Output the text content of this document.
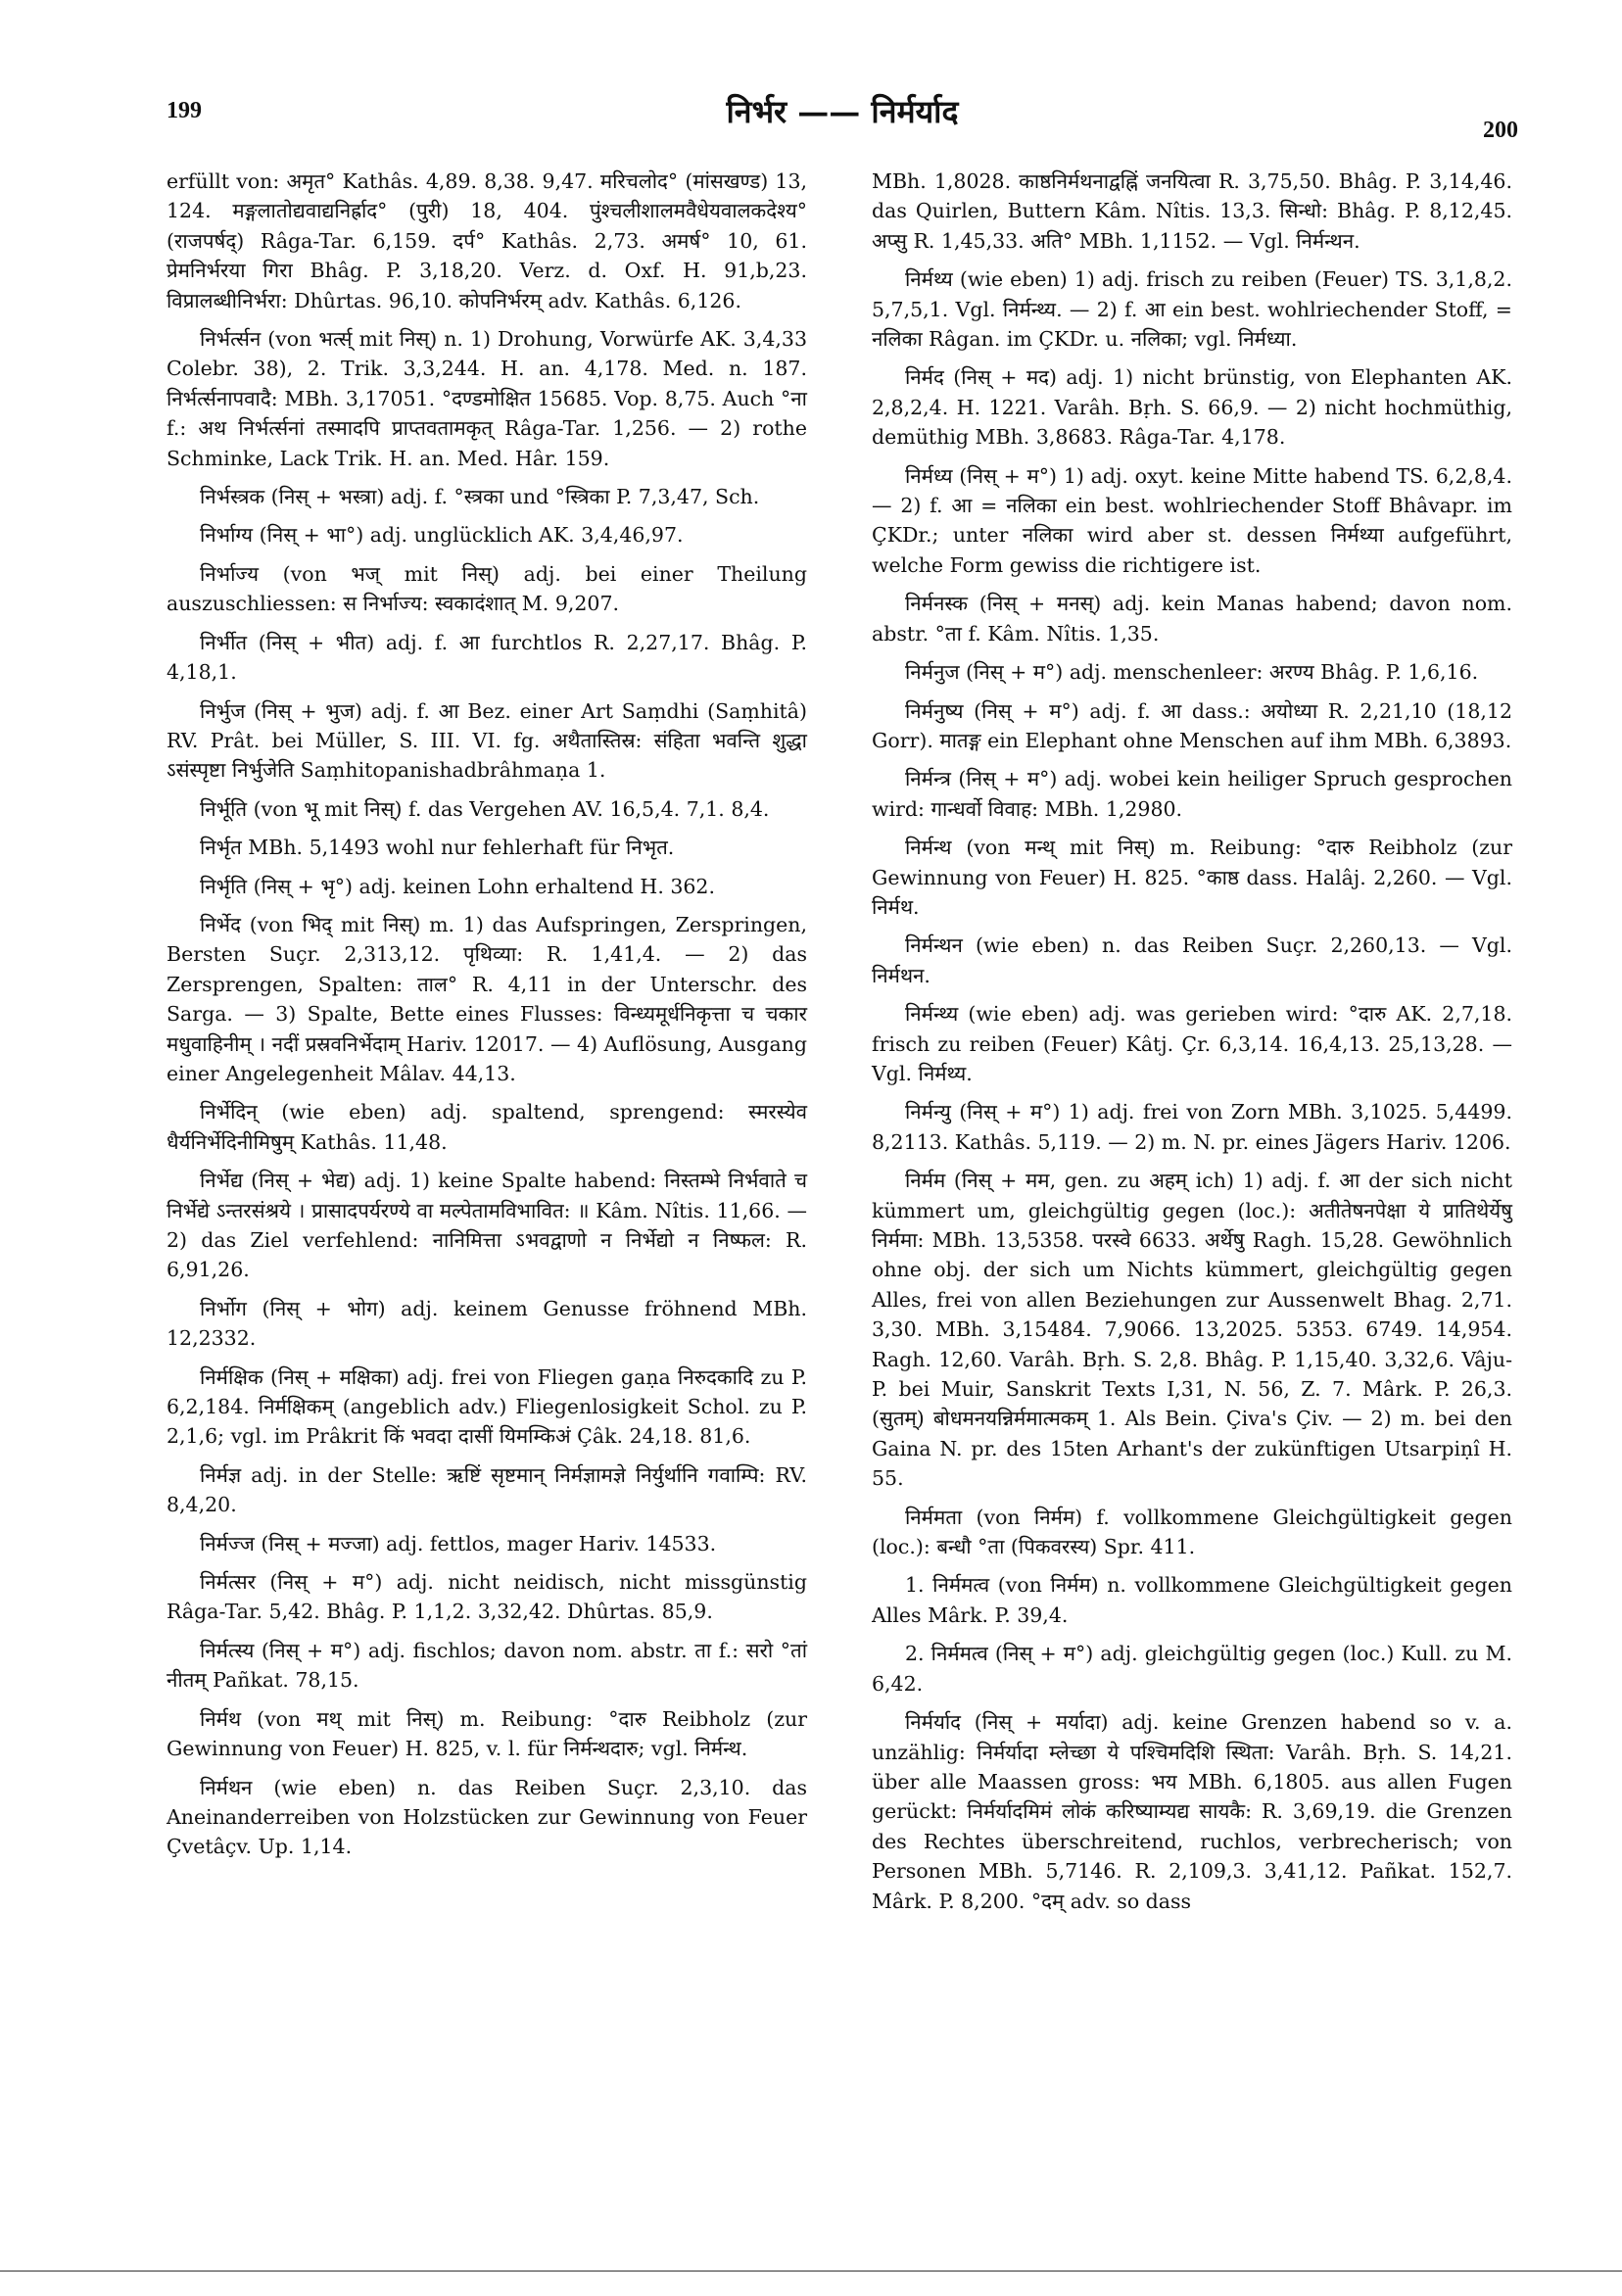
199	निर्भर —— निर्मर्याद	200

erfüllt von: अमृत° Kathâs. 4,89. 8,38. 9,47. मरिचलोद° (मांसखण्ड) 13, 124. मङ्गलातोद्यवाद्यनिर्ह्राद° (पुरी) 18, 404. पुंश्चलीशालमवैधेयवालकदेश्य° (राजपर्षद्) Râga-Tar. 6,159. दर्प° Kathâs. 2,73. अमर्ष° 10, 61. प्रेमनिर्भरया गिरा Bhâg. P. 3,18,20. Verz. d. Oxf. H. 91,b,23. विप्रालब्धीनिर्भरा: Dhûrtas. 96,10. कोपनिर्भरम् adv. Kathâs. 6,126.

निर्भर्त्सन (von भर्त्स् mit निस्) n. 1) Drohung, Vorwürfe AK. 3,4,33 Colebr. 38), 2. Trik. 3,3,244. H. an. 4,178. Med. n. 187. निर्भर्त्सनापवादै: MBh. 3,17051. °दण्डमोक्षित 15685. Vop. 8,75. Auch °ना f.: अथ निर्भर्त्सनां तस्मादपि प्राप्तवतामकृत् Râga-Tar. 1,256. — 2) rothe Schminke, Lack Trik. H. an. Med. Hâr. 159.

निर्भस्त्रक (निस् + भस्त्रा) adj. f. °स्त्रका und °स्त्रिका P. 7,3,47, Sch.

निर्भाग्य (निस् + भा°) adj. unglücklich AK. 3,4,46,97.

निर्भाज्य (von भज् mit निस्) adj. bei einer Theilung auszuschliessen: स निर्भाज्य: स्वकादंशात् M. 9,207.

निर्भीत (निस् + भीत) adj. f. आ furchtlos R. 2,27,17. Bhâg. P. 4,18,1.

निर्भुज (निस् + भुज) adj. f. आ Bez. einer Art Saṃdhi (Saṃhitâ) RV. Prât. bei Müller, S. III. VI. fg. अथैतास्तिस्र: संहिता भवन्ति शुद्धा ऽसंस्पृष्टा निर्भुजेति Saṃhitopanishadbrâhmaṇa 1.

निर्भूति (von भू mit निस्) f. das Vergehen AV. 16,5,4. 7,1. 8,4.

निर्भृत MBh. 5,1493 wohl nur fehlerhaft für निभृत.

निर्भृति (निस् + भृ°) adj. keinen Lohn erhaltend H. 362.

निर्भेद (von भिद् mit निस्) m. 1) das Aufspringen, Zerspringen, Bersten Suçr. 2,313,12. पृथिव्या: R. 1,41,4. — 2) das Zersprengen, Spalten: ताल° R. 4,11 in der Unterschr. des Sarga. — 3) Spalte, Bette eines Flusses: विन्ध्यमूर्धनिकृत्ता च चकार मधुवाहिनीम् । नदीं प्रस्रवनिर्भेदाम् Hariv. 12017. — 4) Auflösung, Ausgang einer Angelegenheit Mâlav. 44,13.

निर्भेदिन् (wie eben) adj. spaltend, sprengend: स्मरस्येव धैर्यनिर्भेदिनीमिषुम् Kathâs. 11,48.

निर्भेद्य (निस् + भेद्य) adj. 1) keine Spalte habend: निस्तम्भे निर्भवाते च निर्भेद्ये ऽन्तरसंश्रये । प्रासादपर्यरण्ये वा मल्पेतामविभावित: ॥ Kâm. Nîtis. 11,66. — 2) das Ziel verfehlend: नानिमित्ता ऽभवद्वाणो न निर्भेद्यो न निष्फल: R. 6,91,26.

निर्भोग (निस् + भोग) adj. keinem Genusse fröhnend MBh. 12,2332.

निर्मक्षिक (निस् + मक्षिका) adj. frei von Fliegen gaṇa निरुदकादि zu P. 6,2,184. निर्मक्षिकम् (angeblich adv.) Fliegenlosigkeit Schol. zu P. 2,1,6; vgl. im Prâkrit किं भवदा दासीं यिमम्किअं Çâk. 24,18. 81,6.

निर्मज्ञ adj. in der Stelle: ऋष्टिं सृष्टमान् निर्मज्ञामज्ञे निर्युर्थानि गवाम्पि: RV. 8,4,20.

निर्मज्ज (निस् + मज्जा) adj. fettlos, mager Hariv. 14533.

निर्मत्सर (निस् + म°) adj. nicht neidisch, nicht missgünstig Râga-Tar. 5,42. Bhâg. P. 1,1,2. 3,32,42. Dhûrtas. 85,9.

निर्मत्स्य (निस् + म°) adj. fischlos; davon nom. abstr. ता f.: सरो °तां नीतम् Pañkat. 78,15.

निर्मथ (von मथ् mit निस्) m. Reibung: °दारु Reibholz (zur Gewinnung von Feuer) H. 825, v. l. für निर्मन्थदारु; vgl. निर्मन्थ.

निर्मथन (wie eben) n. das Reiben Suçr. 2,3,10. das Aneinanderreiben von Holzstücken zur Gewinnung von Feuer Çvetâçv. Up. 1,14.

MBh. 1,8028. काष्ठनिर्मथनाद्वह्निं जनयित्वा R. 3,75,50. Bhâg. P. 3,14,46. das Quirlen, Buttern Kâm. Nîtis. 13,3. सिन्धो: Bhâg. P. 8,12,45. अप्सु R. 1,45,33. अति° MBh. 1,1152. — Vgl. निर्मन्थन.

निर्मथ्य (wie eben) 1) adj. frisch zu reiben (Feuer) TS. 3,1,8,2. 5,7,5,1. Vgl. निर्मन्थ्य. — 2) f. आ ein best. wohlriechender Stoff, = नलिका Râgan. im ÇKDr. u. नलिका; vgl. निर्मध्या.

निर्मद (निस् + मद) adj. 1) nicht brünstig, von Elephanten AK. 2,8,2,4. H. 1221. Varâh. Bṛh. S. 66,9. — 2) nicht hochmüthig, demüthig MBh. 3,8683. Râga-Tar. 4,178.

निर्मध्य (निस् + म°) 1) adj. oxyt. keine Mitte habend TS. 6,2,8,4. — 2) f. आ = नलिका ein best. wohlriechender Stoff Bhâvapr. im ÇKDr.; unter नलिका wird aber st. dessen निर्मथ्या aufgeführt, welche Form gewiss die richtigere ist.

निर्मनस्क (निस् + मनस्) adj. kein Manas habend; davon nom. abstr. °ता f. Kâm. Nîtis. 1,35.

निर्मनुज (निस् + म°) adj. menschenleer: अरण्य Bhâg. P. 1,6,16.

निर्मनुष्य (निस् + म°) adj. f. आ dass.: अयोध्या R. 2,21,10 (18,12 Gorr). मातङ्ग ein Elephant ohne Menschen auf ihm MBh. 6,3893.

निर्मन्त्र (निस् + म°) adj. wobei kein heiliger Spruch gesprochen wird: गान्धर्वो विवाह: MBh. 1,2980.

निर्मन्थ (von मन्थ् mit निस्) m. Reibung: °दारु Reibholz (zur Gewinnung von Feuer) H. 825. °काष्ठ dass. Halâj. 2,260. — Vgl. निर्मथ.

निर्मन्थन (wie eben) n. das Reiben Suçr. 2,260,13. — Vgl. निर्मथन.

निर्मन्थ्य (wie eben) adj. was gerieben wird: °दारु AK. 2,7,18. frisch zu reiben (Feuer) Kâtj. Çr. 6,3,14. 16,4,13. 25,13,28. — Vgl. निर्मथ्य.

निर्मन्यु (निस् + म°) 1) adj. frei von Zorn MBh. 3,1025. 5,4499. 8,2113. Kathâs. 5,119. — 2) m. N. pr. eines Jägers Hariv. 1206.

निर्मम (निस् + मम, gen. zu अहम् ich) 1) adj. f. आ der sich nicht kümmert um, gleichgültig gegen (loc.): अतीतेषनपेक्षा ये प्रातिथेर्येषु निर्ममा: MBh. 13,5358. परस्वे 6633. अर्थेषु Ragh. 15,28. Gewöhnlich ohne obj. der sich um Nichts kümmert, gleichgültig gegen Alles, frei von allen Beziehungen zur Aussenwelt Bhag. 2,71. 3,30. MBh. 3,15484. 7,9066. 13,2025. 5353. 6749. 14,954. Ragh. 12,60. Varâh. Bṛh. S. 2,8. Bhâg. P. 1,15,40. 3,32,6. Vâju-P. bei Muir, Sanskrit Texts I,31, N. 56, Z. 7. Mârk. P. 26,3. (सुतम्) बोधमनयन्निर्ममात्मकम् 1. Als Bein. Çiva's Çiv. — 2) m. bei den Gaina N. pr. des 15ten Arhant's der zukünftigen Utsarpiṇî H. 55.

निर्ममता (von निर्मम) f. vollkommene Gleichgültigkeit gegen (loc.): बन्धौ °ता (पिकवरस्य) Spr. 411.

1. निर्ममत्व (von निर्मम) n. vollkommene Gleichgültigkeit gegen Alles Mârk. P. 39,4.

2. निर्ममत्व (निस् + म°) adj. gleichgültig gegen (loc.) Kull. zu M. 6,42.

निर्मर्याद (निस् + मर्यादा) adj. keine Grenzen habend so v. a. unzählig: निर्मर्यादा म्लेच्छा ये पश्चिमदिशि स्थिता: Varâh. Bṛh. S. 14,21. über alle Maassen gross: भय MBh. 6,1805. aus allen Fugen gerückt: निर्मर्यादमिमं लोकं करिष्याम्यद्य सायकै: R. 3,69,19. die Grenzen des Rechtes überschreitend, ruchlos, verbrecherisch; von Personen MBh. 5,7146. R. 2,109,3. 3,41,12. Pañkat. 152,7. Mârk. P. 8,200. °दम् adv. so dass
